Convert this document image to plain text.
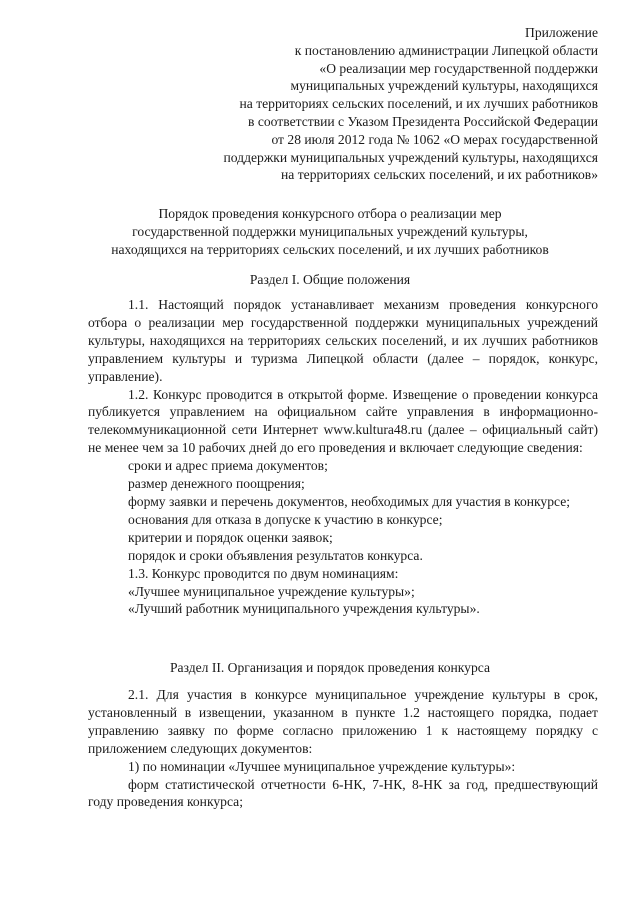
Приложение
к постановлению администрации Липецкой области
«О реализации мер государственной поддержки
муниципальных учреждений культуры, находящихся
на территориях сельских поселений, и их лучших работников
в соответствии с Указом Президента Российской Федерации
от 28 июля 2012 года № 1062 «О мерах государственной
поддержки муниципальных учреждений культуры, находящихся
на территориях сельских поселений, и их работников»
Порядок проведения конкурсного отбора о реализации мер
государственной поддержки муниципальных учреждений культуры,
находящихся на территориях сельских поселений, и их лучших работников
Раздел I. Общие положения

1.1. Настоящий порядок устанавливает механизм проведения конкурсного отбора о реализации мер государственной поддержки муниципальных учреждений культуры, находящихся на территориях сельских поселений, и их лучших работников управлением культуры и туризма Липецкой области (далее – порядок, конкурс, управление).

1.2. Конкурс проводится в открытой форме. Извещение о проведении конкурса публикуется управлением на официальном сайте управления в информационно-телекоммуникационной сети Интернет www.kultura48.ru (далее – официальный сайт) не менее чем за 10 рабочих дней до его проведения и включает следующие сведения:

сроки и адрес приема документов;

размер денежного поощрения;

форму заявки и перечень документов, необходимых для участия в конкурсе;

основания для отказа в допуске к участию в конкурсе;

критерии и порядок оценки заявок;

порядок и сроки объявления результатов конкурса.

1.3. Конкурс проводится по двум номинациям:

«Лучшее муниципальное учреждение культуры»;

«Лучший работник муниципального учреждения культуры».

Раздел II. Организация и порядок проведения конкурса

2.1. Для участия в конкурсе муниципальное учреждение культуры в срок, установленный в извещении, указанном в пункте 1.2 настоящего порядка, подает управлению заявку по форме согласно приложению 1 к настоящему порядку с приложением следующих документов:

1) по номинации «Лучшее муниципальное учреждение культуры»:

форм статистической отчетности 6-НК, 7-НК, 8-НК за год, предшествующий году проведения конкурса;
